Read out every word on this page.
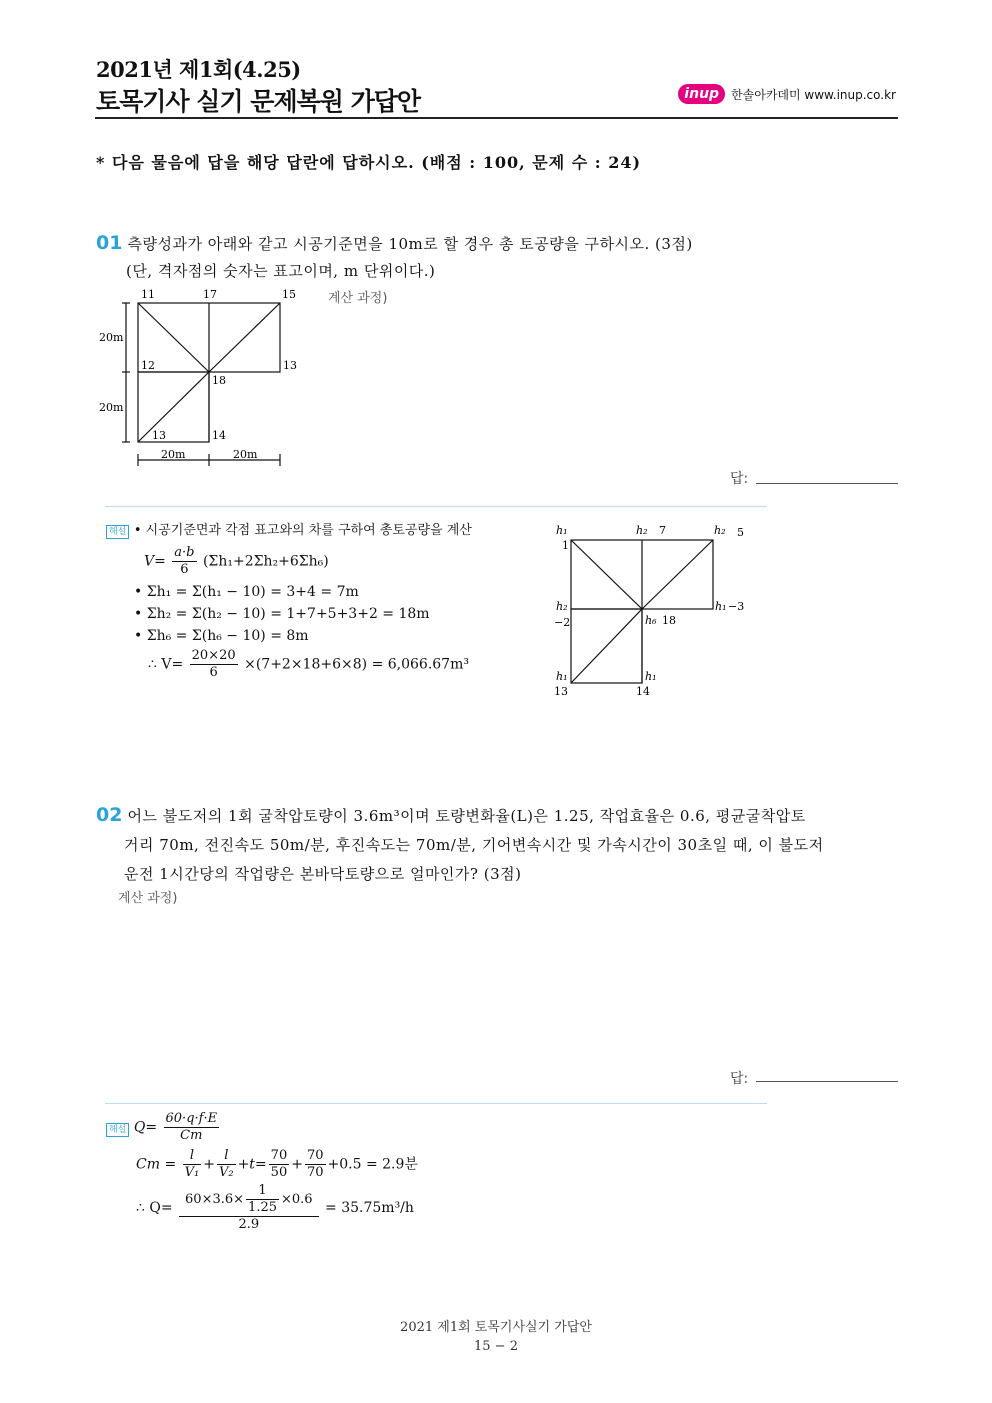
2021년 제1회(4.25)
토목기사 실기 문제복원 가답안	inup	한솔아카데미 www.inup.co.kr
* 다음 물음에 답을 해당 답란에 답하시오. (배점 : 100, 문제 수 : 24)
01 측량성과가 아래와 같고 시공기준면을 10m로 할 경우 총 토공량을 구하시오. (3점)
(단, 격자점의 숫자는 표고이며, m 단위이다.)
계산 과정)
11	17	15
12
18
13
13	14
20m
20m
20m	20m
답:
해설 • 시공기준면과 각점 표고와의 차를 구하여 총토공량을 계산
$V= \frac{a\cdot b}{6} (\Sigma h_1+2\Sigma h_2+6\Sigma h_6)$
• Σh₁ = Σ(h₁ − 10) = 3+4 = 7m
• Σh₂ = Σ(h₂ − 10) = 1+7+5+3+2 = 18m
• Σh₆ = Σ(h₆ − 10) = 8m
∴ $V= \frac{20\times 20}{6} \times(7+2\times 18+6\times 8) = 6,066.67m^3$
h₁
1
h₂ 7	h₂ 5
h₂
−2	h₆ 18
h₁ −3
h₁
13
h₁
14
02 어느 불도저의 1회 굴착압토량이 3.6m³이며 토량변화율(L)은 1.25, 작업효율은 0.6, 평균굴착압토
거리 70m, 전진속도 50m/분, 후진속도는 70m/분, 기어변속시간 및 가속시간이 30초일 때, 이 불도저
운전 1시간당의 작업량은 본바닥토량으로 얼마인가? (3점)
계산 과정)
답:
해설 $Q= \frac{60\cdot q\cdot f\cdot E}{Cm}$
$Cm = \frac{l}{\text{V₁}} + \frac{l}{\text{V₂}} +t= \frac{70}{50} + \frac{70}{70} +0.5 = 2.9$분
∴ $Q= \frac{60\times 3.6\times \frac{1}{1.25} \times 0.6}{2.9} = 35.75m^3/h$
2021 제1회 토목기사실기 가답안
15 − 2
